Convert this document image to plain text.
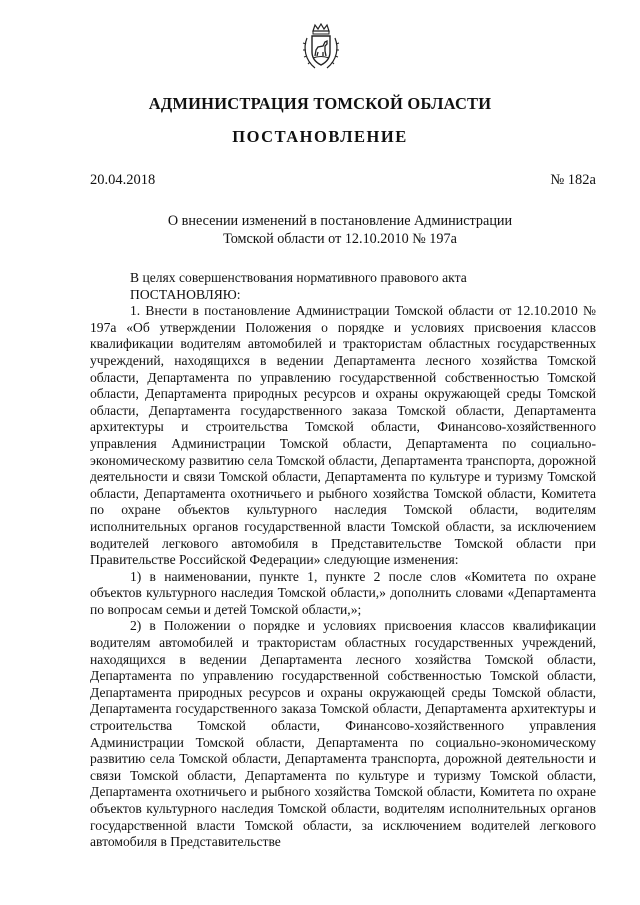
АДМИНИСТРАЦИЯ ТОМСКОЙ ОБЛАСТИ
ПОСТАНОВЛЕНИЕ
20.04.2018	№ 182а
О внесении изменений в постановление Администрации
Томской области от 12.10.2010 № 197а

В целях совершенствования нормативного правового акта

ПОСТАНОВЛЯЮ:

1. Внести в постановление Администрации Томской области от 12.10.2010 № 197а «Об утверждении Положения о порядке и условиях присвоения классов квалификации водителям автомобилей и трактористам областных государственных учреждений, находящихся в ведении Департамента лесного хозяйства Томской области, Департамента по управлению государственной собственностью Томской области, Департамента природных ресурсов и охраны окружающей среды Томской области, Департамента государственного заказа Томской области, Департамента архитектуры и строительства Томской области, Финансово-хозяйственного управления Администрации Томской области, Департамента по социально-экономическому развитию села Томской области, Департамента транспорта, дорожной деятельности и связи Томской области, Департамента по культуре и туризму Томской области, Департамента охотничьего и рыбного хозяйства Томской области, Комитета по охране объектов культурного наследия Томской области, водителям исполнительных органов государственной власти Томской области, за исключением водителей легкового автомобиля в Представительстве Томской области при Правительстве Российской Федерации» следующие изменения:

1) в наименовании, пункте 1, пункте 2 после слов «Комитета по охране объектов культурного наследия Томской области,» дополнить словами «Департамента по вопросам семьи и детей Томской области,»;

2) в Положении о порядке и условиях присвоения классов квалификации водителям автомобилей и трактористам областных государственных учреждений, находящихся в ведении Департамента лесного хозяйства Томской области, Департамента по управлению государственной собственностью Томской области, Департамента природных ресурсов и охраны окружающей среды Томской области, Департамента государственного заказа Томской области, Департамента архитектуры и строительства Томской области, Финансово-хозяйственного управления Администрации Томской области, Департамента по социально-экономическому развитию села Томской области, Департамента транспорта, дорожной деятельности и связи Томской области, Департамента по культуре и туризму Томской области, Департамента охотничьего и рыбного хозяйства Томской области, Комитета по охране объектов культурного наследия Томской области, водителям исполнительных органов государственной власти Томской области, за исключением водителей легкового автомобиля в Представительстве
